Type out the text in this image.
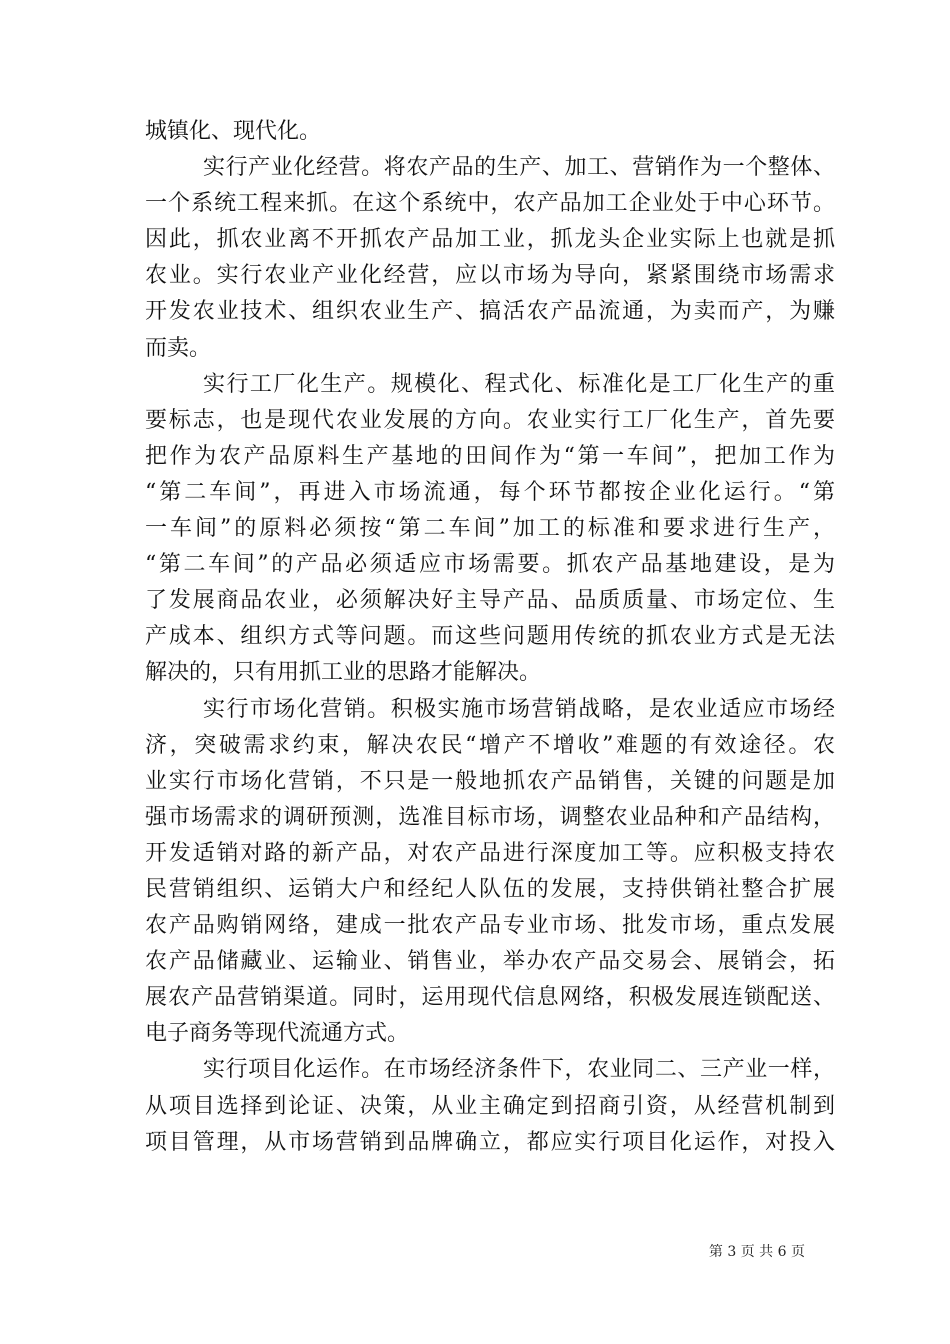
城镇化、现代化。
实行产业化经营。将农产品的生产、加工、营销作为一个整体、
一个系统工程来抓。在这个系统中，农产品加工企业处于中心环节。
因此，抓农业离不开抓农产品加工业，抓龙头企业实际上也就是抓
农业。实行农业产业化经营，应以市场为导向，紧紧围绕市场需求
开发农业技术、组织农业生产、搞活农产品流通，为卖而产，为赚
而卖。
实行工厂化生产。规模化、程式化、标准化是工厂化生产的重
要标志，也是现代农业发展的方向。农业实行工厂化生产，首先要
把作为农产品原料生产基地的田间作为“第一车间”，把加工作为
“第二车间”，再进入市场流通，每个环节都按企业化运行。“第
一车间”的原料必须按“第二车间”加工的标准和要求进行生产，
“第二车间”的产品必须适应市场需要。抓农产品基地建设，是为
了发展商品农业，必须解决好主导产品、品质质量、市场定位、生
产成本、组织方式等问题。而这些问题用传统的抓农业方式是无法
解决的，只有用抓工业的思路才能解决。
实行市场化营销。积极实施市场营销战略，是农业适应市场经
济，突破需求约束，解决农民“增产不增收”难题的有效途径。农
业实行市场化营销，不只是一般地抓农产品销售，关键的问题是加
强市场需求的调研预测，选准目标市场，调整农业品种和产品结构，
开发适销对路的新产品，对农产品进行深度加工等。应积极支持农
民营销组织、运销大户和经纪人队伍的发展，支持供销社整合扩展
农产品购销网络，建成一批农产品专业市场、批发市场，重点发展
农产品储藏业、运输业、销售业，举办农产品交易会、展销会，拓
展农产品营销渠道。同时，运用现代信息网络，积极发展连锁配送、
电子商务等现代流通方式。
实行项目化运作。在市场经济条件下，农业同二、三产业一样，
从项目选择到论证、决策，从业主确定到招商引资，从经营机制到
项目管理，从市场营销到品牌确立，都应实行项目化运作，对投入
第 3 页 共 6 页
